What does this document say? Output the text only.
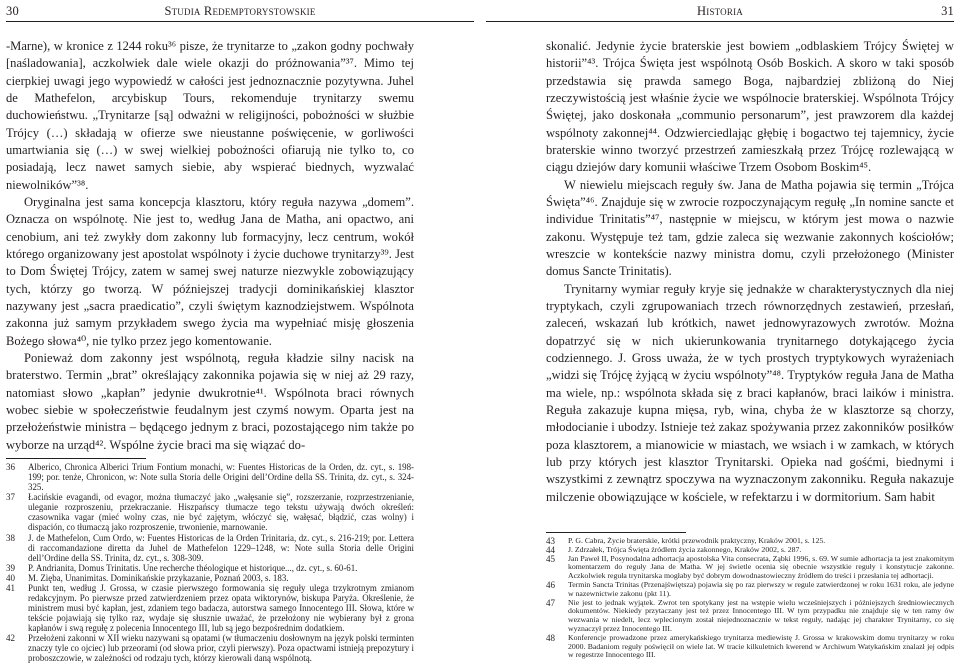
30	Studia Redemptorystowskie

-Marne), w kronice z 1244 roku³⁶ pisze, że trynitarze to „zakon godny pochwały [naśladowania], aczkolwiek dale wiele okazji do próżnowania”³⁷. Mimo tej cierpkiej uwagi jego wypowiedź w całości jest jednoznacznie pozytywna. Juhel de Mathefelon, arcybiskup Tours, rekomenduje trynitarzy swemu duchowieństwu. „Trynitarze [są] odważni w religijności, pobożności w służbie Trójcy (…) składają w ofierze swe nieustanne poświęcenie, w gorliwości umartwiania się (…) w swej wielkiej pobożności ofiarują nie tylko to, co posiadają, lecz nawet samych siebie, aby wspierać biednych, wyzwalać niewolników”³⁸.

Oryginalna jest sama koncepcja klasztoru, który reguła nazywa „domem”. Oznacza on wspólnotę. Nie jest to, według Jana de Matha, ani opactwo, ani cenobium, ani też zwykły dom zakonny lub formacyjny, lecz centrum, wokół którego organizowany jest apostolat wspólnoty i życie duchowe trynitarzy³⁹. Jest to Dom Świętej Trójcy, zatem w samej swej naturze niezwykle zobowiązujący tych, którzy go tworzą. W późniejszej tradycji dominikańskiej klasztor nazywany jest „sacra praedicatio”, czyli świętym kaznodziejstwem. Wspólnota zakonna już samym przykładem swego życia ma wypełniać misję głoszenia Bożego słowa⁴⁰, nie tylko przez jego komentowanie.

Ponieważ dom zakonny jest wspólnotą, reguła kładzie silny nacisk na braterstwo. Termin „brat” określający zakonnika pojawia się w niej aż 29 razy, natomiast słowo „kapłan” jedynie dwukrotnie⁴¹. Wspólnota braci równych wobec siebie w społeczeństwie feudalnym jest czymś nowym. Oparta jest na przełożeństwie ministra – będącego jednym z braci, pozostającego nim także po wyborze na urząd⁴². Wspólne życie braci ma się wiązać do-

36 Alberico, Chronica Alberici Trium Fontium monachi, w: Fuentes Historicas de la Orden, dz. cyt., s. 198-199; por. tenże, Chronicon, w: Note sulla Storia delle Origini dell’Ordine della SS. Trinita, dz. cyt., s. 324-325.
37 Łacińskie evagandi, od evagor, można tłumaczyć jako „wałęsanie się”, rozszerzanie, rozprzestrzenianie, uleganie rozproszeniu, przekraczanie. Hiszpańscy tłumacze tego tekstu używają dwóch określeń: czasownika vagar (mieć wolny czas, nie być zajętym, włóczyć się, wałęsać, błądzić, czas wolny) i dispación, co tłumaczą jako rozproszenie, trwonienie, marnowanie.
38 J. de Mathefelon, Cum Ordo, w: Fuentes Historicas de la Orden Trinitaria, dz. cyt., s. 216-219; por. Lettera di raccomandazione diretta da Juhel de Mathefelon 1229–1248, w: Note sulla Storia delle Origini dell’Ordine della SS. Trinita, dz. cyt., s. 308-309.
39 P. Andrianita, Domus Trinitatis. Une recherche théologique et historique..., dz. cyt., s. 60-61.
40 M. Zięba, Unanimitas. Dominikańskie przykazanie, Poznań 2003, s. 183.
41 Punkt ten, według J. Grossa, w czasie pierwszego formowania się reguły ulega trzykrotnym zmianom redakcyjnym. Po pierwsze przed zatwierdzeniem przez opata wiktorynów, biskupa Paryża. Określenie, że ministrem musi być kapłan, jest, zdaniem tego badacza, autorstwa samego Innocentego III. Słowa, które w tekście pojawiają się tylko raz, wydaje się słusznie uważać, że przełożony nie wybierany był z grona kapłanów i swą regułę z polecenia Innocentego III, lub są jego bezpośrednim dodatkiem.
42 Przełożeni zakonni w XII wieku nazywani są opatami (w tłumaczeniu dosłownym na język polski terminten znaczy tyle co ojciec) lub przeorami (od słowa prior, czyli pierwszy). Poza opactwami istnieją prepozytury i proboszczowie, w zależności od rodzaju tych, którzy kierowali daną wspólnotą.
Historia	31

skonalić. Jedynie życie braterskie jest bowiem „odblaskiem Trójcy Świętej w historii”⁴³. Trójca Święta jest wspólnotą Osób Boskich. A skoro w taki sposób przedstawia się prawda samego Boga, najbardziej zbliżoną do Niej rzeczywistością jest właśnie życie we wspólnocie braterskiej. Wspólnota Trójcy Świętej, jako doskonała „communio personarum”, jest prawzorem dla każdej wspólnoty zakonnej⁴⁴. Odzwierciedlając głębię i bogactwo tej tajemnicy, życie braterskie winno tworzyć przestrzeń zamieszkałą przez Trójcę rozlewającą w ciągu dziejów dary komunii właściwe Trzem Osobom Boskim⁴⁵.

W niewielu miejscach reguły św. Jana de Matha pojawia się termin „Trójca Święta”⁴⁶. Znajduje się w zwrocie rozpoczynającym regułę „In nomine sancte et individue Trinitatis”⁴⁷, następnie w miejscu, w którym jest mowa o nazwie zakonu. Występuje też tam, gdzie zaleca się wezwanie zakonnych kościołów; wreszcie w kontekście nazwy ministra domu, czyli przełożonego (Minister domus Sancte Trinitatis).

Trynitarny wymiar reguły kryje się jednakże w charakterystycznych dla niej tryptykach, czyli zgrupowaniach trzech równorzędnych zestawień, przesłań, zaleceń, wskazań lub krótkich, nawet jednowyrazowych zwrotów. Można dopatrzyć się w nich ukierunkowania trynitarnego dotykającego życia codziennego. J. Gross uważa, że w tych prostych tryptykowych wyrażeniach „widzi się Trójcę żyjącą w życiu wspólnoty”⁴⁸. Tryptyków reguła Jana de Matha ma wiele, np.: wspólnota składa się z braci kapłanów, braci laików i ministra. Reguła zakazuje kupna mięsa, ryb, wina, chyba że w klasztorze są chorzy, młodocianie i ubodzy. Istnieje też zakaz spożywania przez zakonników posiłków poza klasztorem, a mianowicie w miastach, we wsiach i w zamkach, w których lub przy których jest klasztor Trynitarski. Opieka nad gośćmi, biednymi i wszystkimi z zewnątrz spoczywa na wyznaczonym zakonniku. Reguła nakazuje milczenie obowiązujące w kościele, w refektarzu i w dormitorium. Sam habit

43 P. G. Cabra, Życie braterskie, krótki przewodnik praktyczny, Kraków 2001, s. 125.
44 J. Zdrzałek, Trójca Święta źródłem życia zakonnego, Kraków 2002, s. 287.
45 Jan Paweł II, Posynodalna adhortacja apostolska Vita consecrata, Ząbki 1996, s. 69. W sumie adhortacja ta jest znakomitym komentarzem do reguły Jana de Matha. W jej świetle ocenia się obecnie wszystkie reguły i konstytucje zakonne. Aczkolwiek reguła trynitarska mogłaby być dobrym dowodnastowieczny źródłem do treści i przesłania tej adhortacji.
46 Termin Sancta Trinitas (Przenajświętsza) pojawia się po raz pierwszy w regule zatwierdzonej w roku 1631 roku, ale jedyne w nazewnictwie zakonu (pkt 11).
47 Nie jest to jednak wyjątek. Zwrot ten spotykany jest na wstępie wielu wcześniejszych i późniejszych średniowiecznych dokumentów. Niekiedy przytaczany jest też przez Innocentego III. W tym przypadku nie znajduje się w ten ramy ów wezwania w niedelt, lecz wplecionym został niejednoznacznie w tekst reguły, nadając jej charakter Trynitarny, co się wyznaczył przez Innocentego III.
48 Konferencje prowadzone przez amerykańskiego trynitarza mediewistę J. Grossa w krakowskim domu trynitarzy w roku 2000. Badaniom reguły poświęcił on wiele lat. W tracie kilkuletnich kwerend w Archiwum Watykańskim znalazł jej odpis w regestrze Innocentego III.
